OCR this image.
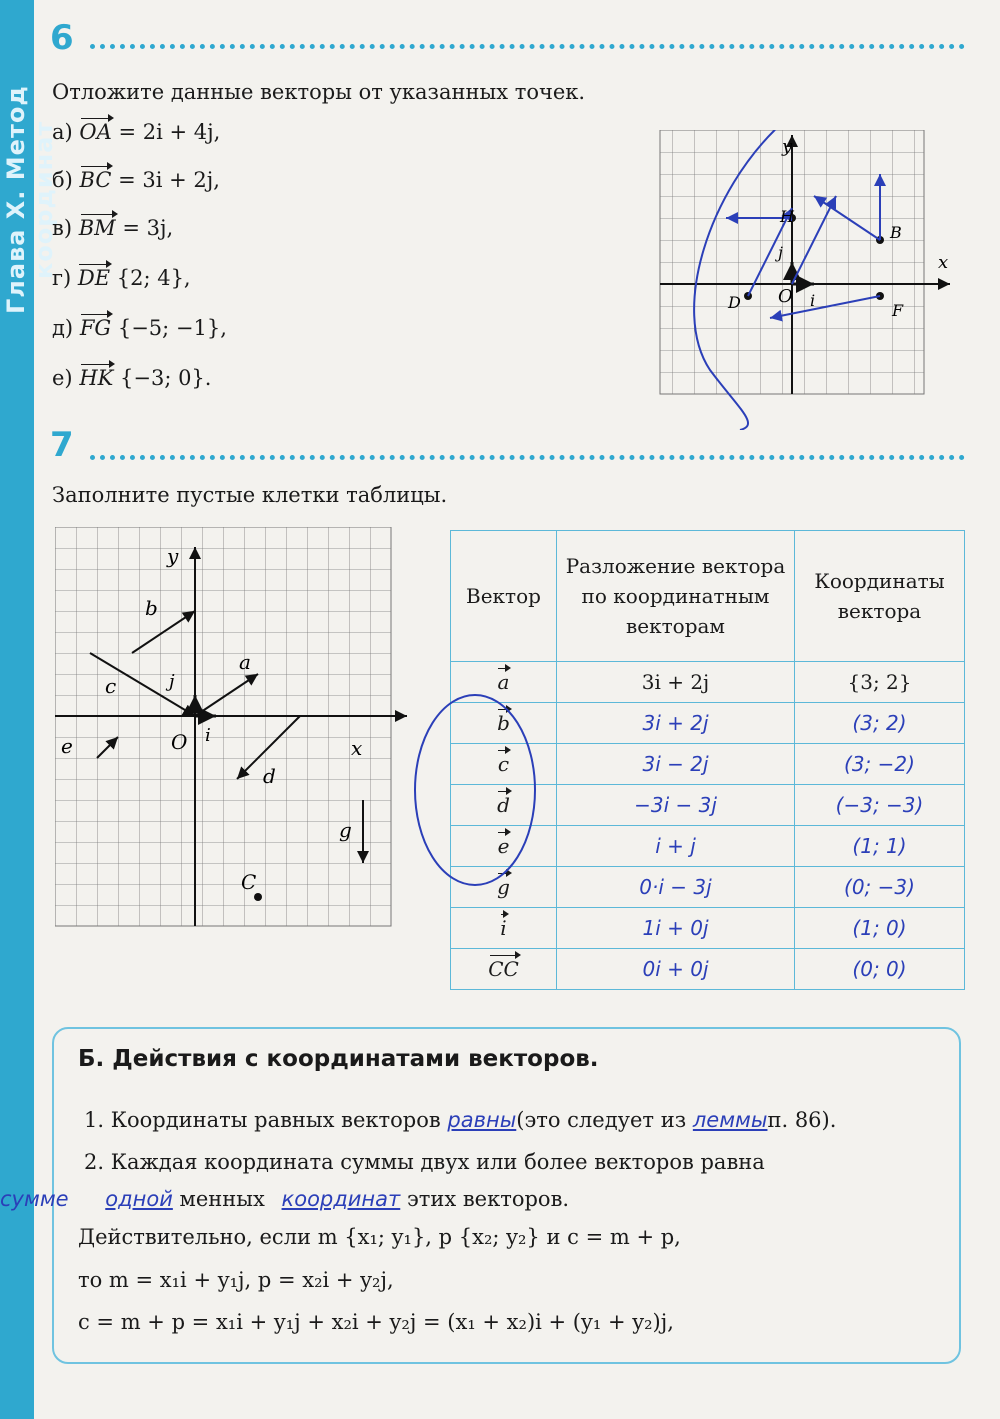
Глава X. Метод координат
6
Отложите данные векторы от указанных точек.
а) OA = 2i + 4j,
б) BC = 3i + 2j,
в) BM = 3j,
г) DE {2; 4},
д) FG {−5; −1},
е) HK {−3; 0}.
y
x
O i
j
H
B
D	F
7
Заполните пустые клетки таблицы.
y
x
O
a
b
c
d
e
g
i
j
C
Вектор	Разложение вектора по координатным векторам	Координаты вектора
a	3i + 2j	{3; 2}
b	3i + 2j	(3; 2)
c	3i − 2j	(3; −2)
d	−3i − 3j	(−3; −3)
e	i + j	(1; 1)
g	0·i − 3j	(0; −3)
i	1i + 0j	(1; 0)
CC	0i + 0j	(0; 0)
Б. Действия с координатами векторов.
1. Координаты равных векторов равны(это следует из леммып. 86).
2. Каждая координата суммы двух или более векторов равна
сумме одной менных координат этих векторов.
Действительно, если m {x₁; y₁}, p {x₂; y₂} и c = m + p,
то m = x₁i + y₁j, p = x₂i + y₂j,
c = m + p = x₁i + y₁j + x₂i + y₂j = (x₁ + x₂)i + (y₁ + y₂)j,
